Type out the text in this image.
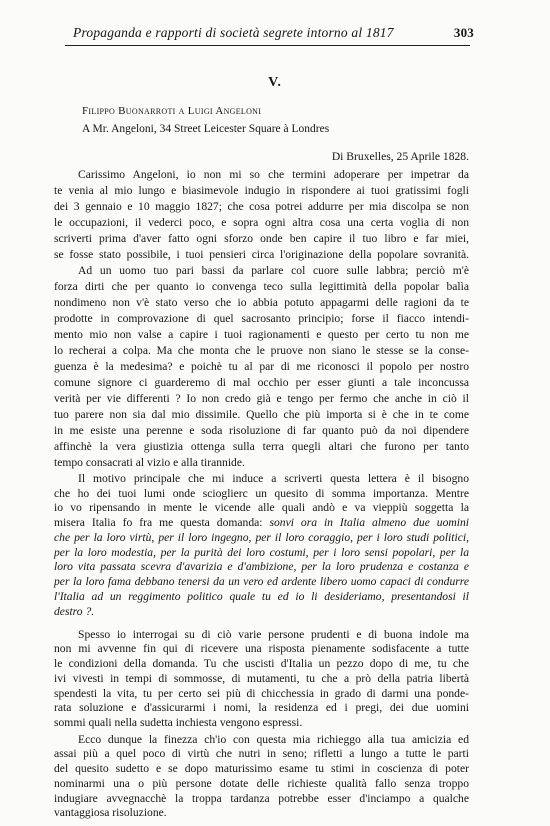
Propaganda e rapporti di società segrete intorno al 1817	303
V.
Filippo Buonarroti a Luigi Angeloni
A Mr. Angeloni, 34 Street Leicester Square à Londres
Di Bruxelles, 25 Aprile 1828.
Carissimo Angeloni, io non mi so che termini adoperare per impetrar da
te venia al mio lungo e biasimevole indugio in rispondere ai tuoi gratissimi fogli
dei 3 gennaio e 10 maggio 1827; che cosa potrei addurre per mia discolpa se non
le occupazioni, il vederci poco, e sopra ogni altra cosa una certa voglia di non
scriverti prima d'aver fatto ogni sforzo onde ben capire il tuo libro e far miei,
se fosse stato possibile, i tuoi pensieri circa l'originazione della popolare sovranità.
Ad un uomo tuo pari bassi da parlare col cuore sulle labbra; perciò m'è
forza dirti che per quanto io convenga teco sulla legittimità della popolar balìa
nondimeno non v'è stato verso che io abbia potuto appagarmi delle ragioni da te
prodotte in comprovazione di quel sacrosanto principio; forse il fiacco intendi-
mento mio non valse a capire i tuoi ragionamenti e questo per certo tu non me
lo recherai a colpa. Ma che monta che le pruove non siano le stesse se la conse-
guenza è la medesima? e poichè tu al par di me riconosci il popolo per nostro
comune signore ci guarderemo di mal occhio per esser giunti a tale inconcussa
verità per vie differenti ? Io non credo già e tengo per fermo che anche in ciò il
tuo parere non sia dal mio dissimile. Quello che più importa si è che in te come
in me esiste una perenne e soda risoluzione di far quanto può da noi dipendere
affinchè la vera giustizia ottenga sulla terra quegli altari che furono per tanto
tempo consacrati al vizio e alla tirannide.
Il motivo principale che mi induce a scriverti questa lettera è il bisogno
che ho dei tuoi lumi onde scioglierc un quesito di somma importanza. Mentre
io vo ripensando in mente le vicende alle quali andò e va vieppiù soggetta la
misera Italia fo fra me questa domanda: sonvi ora in Italia almeno due uomini
che per la loro virtù, per il loro ingegno, per il loro coraggio, per i loro studi politici,
per la loro modestia, per la purità dei loro costumi, per i loro sensi popolari, per la
loro vita passata scevra d'avarizia e d'ambizione, per la loro prudenza e costanza e
per la loro fama debbano tenersi da un vero ed ardente libero uomo capaci di condurre
l'Italia ad un reggimento politico quale tu ed io li desideriamo, presentandosi il
destro ?.
Spesso io interrogai su di ciò varie persone prudenti e di buona indole ma
non mi avvenne fin qui di ricevere una risposta pienamente sodisfacente a tutte
le condizioni della domanda. Tu che uscisti d'Italia un pezzo dopo di me, tu che
ivi vivesti in tempi di sommosse, di mutamenti, tu che a prò della patria libertà
spendesti la vita, tu per certo sei più di chicchessia in grado di darmi una ponde-
rata soluzione e d'assicurarmi i nomi, la residenza ed i pregi, dei due uomini
sommi quali nella sudetta inchiesta vengono espressi.
Ecco dunque la finezza ch'io con questa mia richieggo alla tua amicizia ed
assai più a quel poco di virtù che nutri in seno; rifletti a lungo a tutte le parti
del quesito sudetto e se dopo maturissimo esame tu stimi in coscienza di poter
nominarmi una o più persone dotate delle richieste qualità fallo senza troppo
indugiare avvegnacchè la troppa tardanza potrebbe esser d'inciampo a qualche
vantaggiosa risoluzione.
